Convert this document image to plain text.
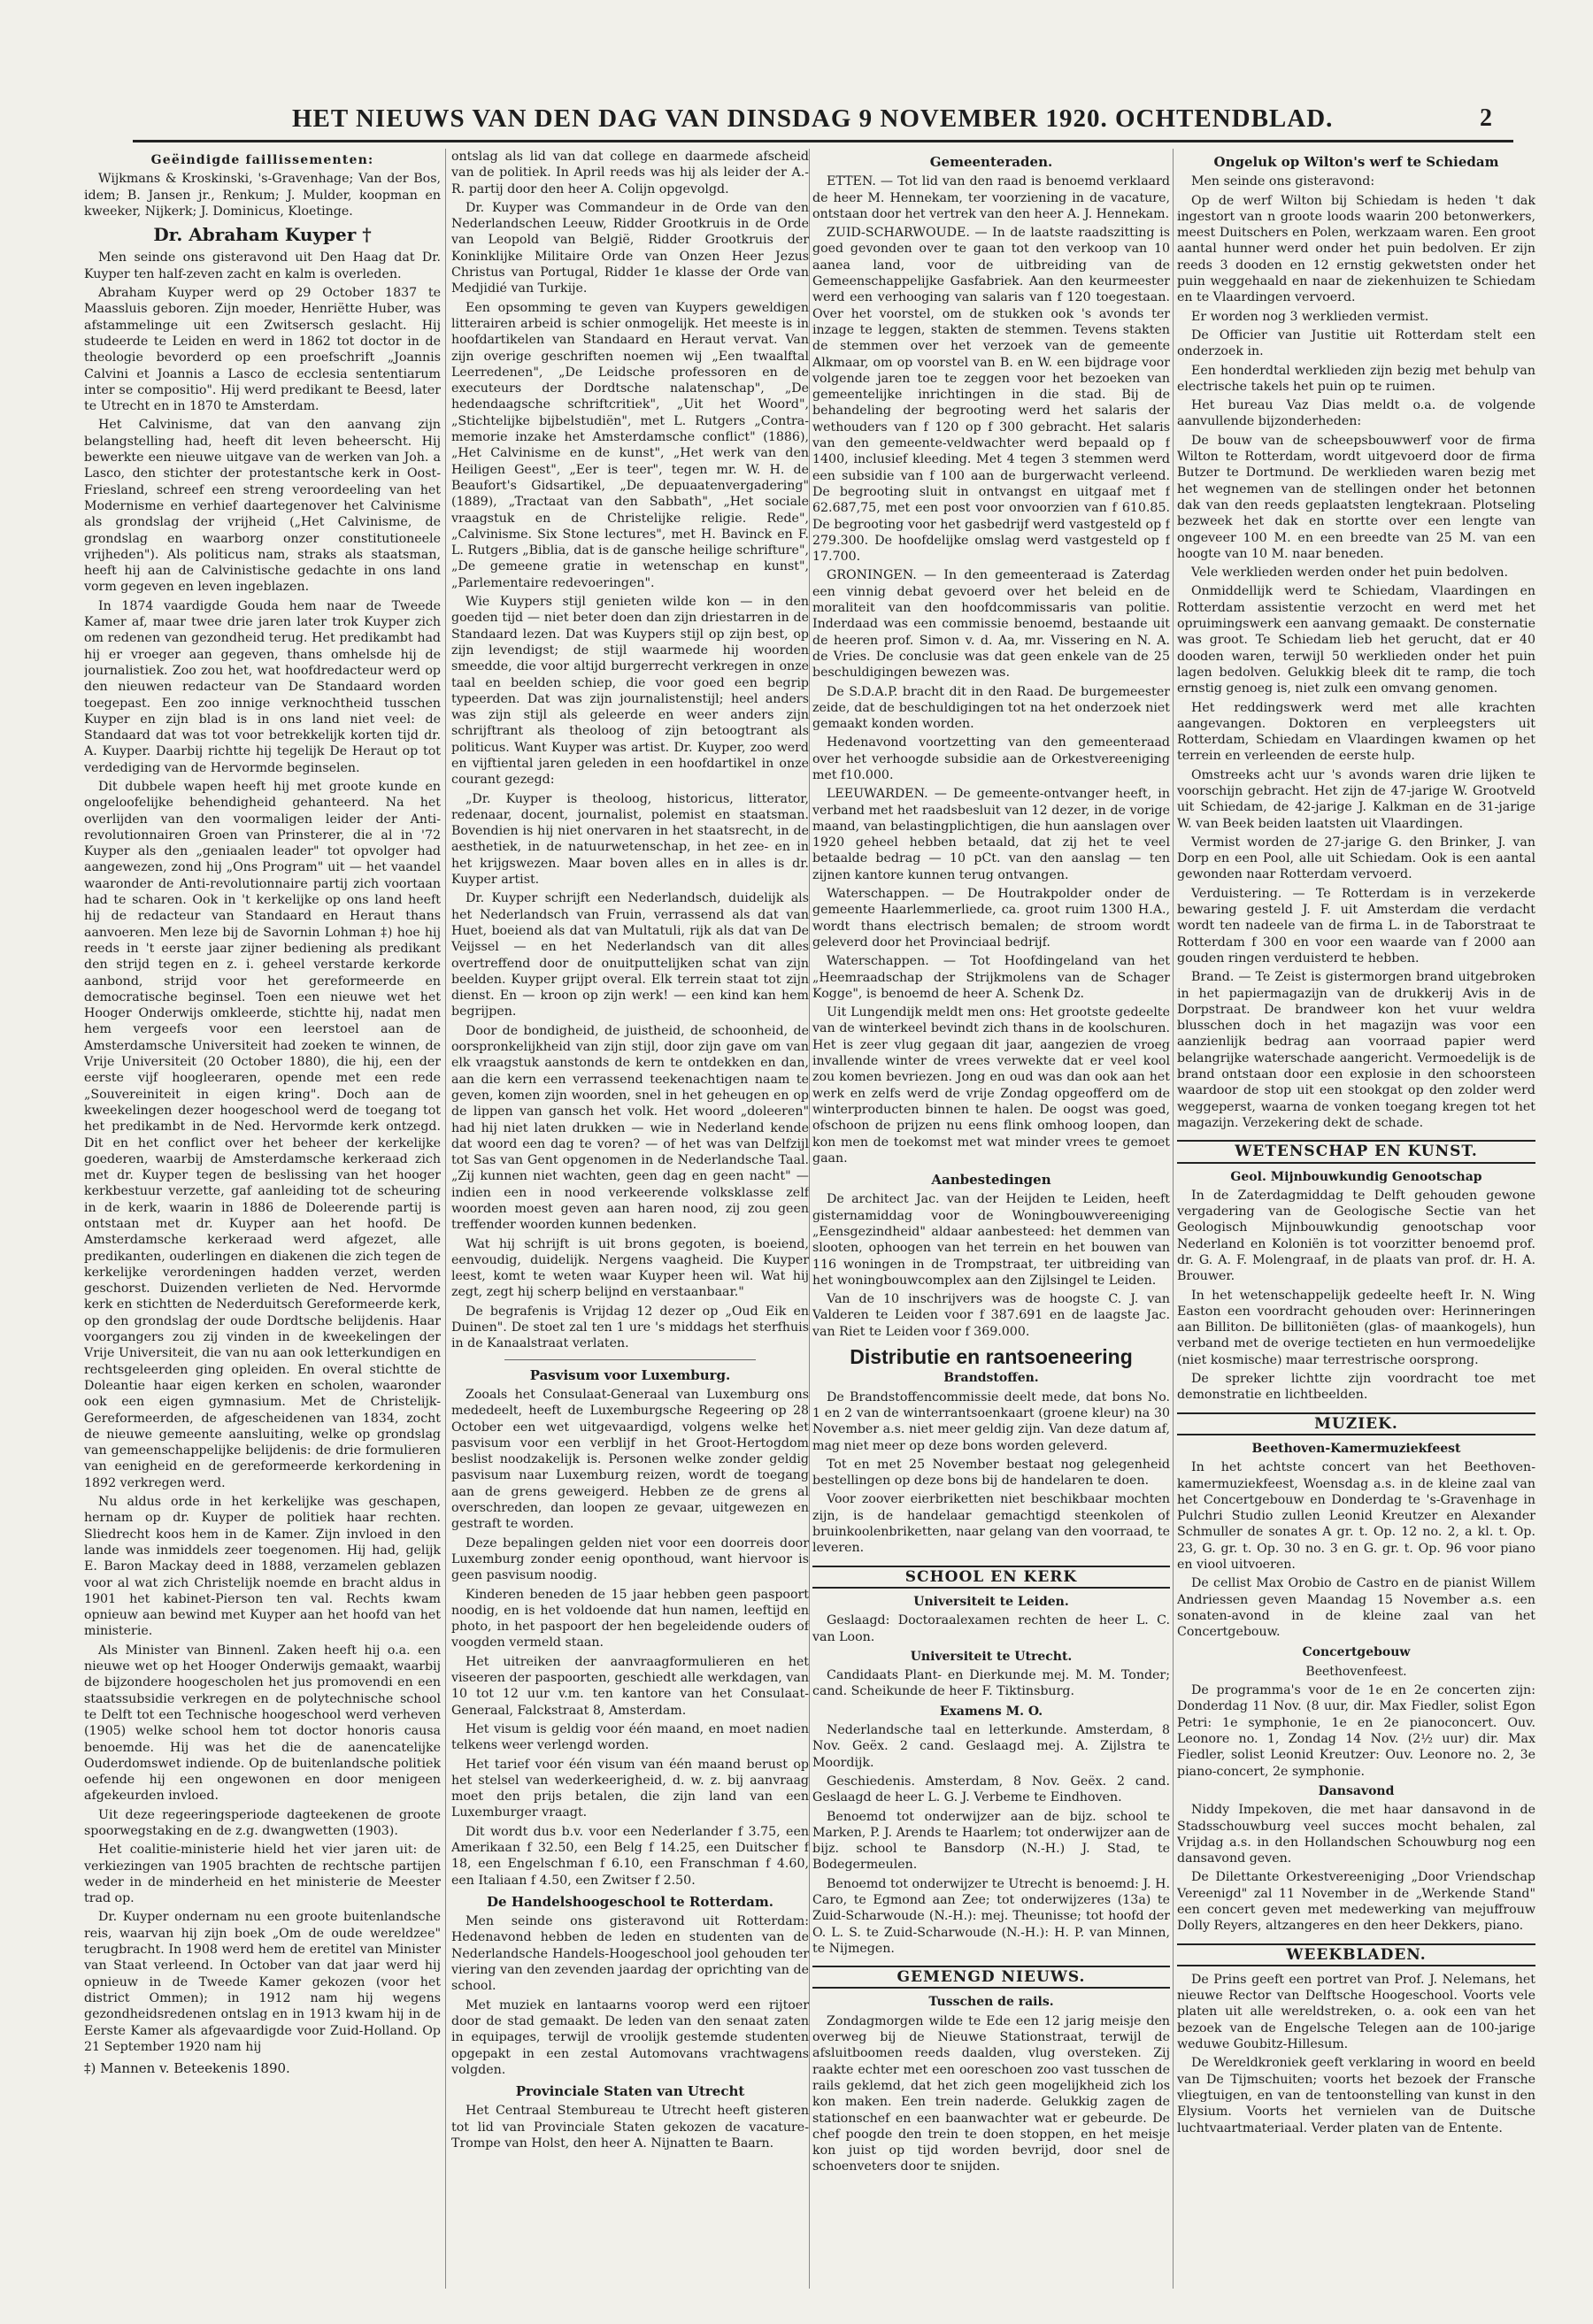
HET NIEUWS VAN DEN DAG VAN DINSDAG 9 NOVEMBER 1920. OCHTENDBLAD.	2
Geëindigde faillissementen:

Wijkmans & Kroskinski, 's-Gravenhage; Van der Bos, idem; B. Jansen jr., Renkum; J. Mulder, koopman en kweeker, Nijkerk; J. Dominicus, Kloetinge.

Dr. Abraham Kuyper †

Men seinde ons gisteravond uit Den Haag dat Dr. Kuyper ten half-zeven zacht en kalm is overleden.

Abraham Kuyper werd op 29 October 1837 te Maassluis geboren. Zijn moeder, Henriëtte Huber, was afstammelinge uit een Zwitsersch geslacht. Hij studeerde te Leiden en werd in 1862 tot doctor in de theologie bevorderd op een proefschrift „Joannis Calvini et Joannis a Lasco de ecclesia sententiarum inter se compositio". Hij werd predikant te Beesd, later te Utrecht en in 1870 te Amsterdam.

Het Calvinisme, dat van den aanvang zijn belangstelling had, heeft dit leven beheerscht. Hij bewerkte een nieuwe uitgave van de werken van Joh. a Lasco, den stichter der protestantsche kerk in Oost-Friesland, schreef een streng veroordeeling van het Modernisme en verhief daartegenover het Calvinisme als grondslag der vrijheid („Het Calvinisme, de grondslag en waarborg onzer constitutioneele vrijheden"). Als politicus nam, straks als staatsman, heeft hij aan de Calvinistische gedachte in ons land vorm gegeven en leven ingeblazen.

In 1874 vaardigde Gouda hem naar de Tweede Kamer af, maar twee drie jaren later trok Kuyper zich om redenen van gezondheid terug. Het predikambt had hij er vroeger aan gegeven, thans omhelsde hij de journalistiek. Zoo zou het, wat hoofdredacteur werd op den nieuwen redacteur van De Standaard worden toegepast. Een zoo innige verknochtheid tusschen Kuyper en zijn blad is in ons land niet veel: de Standaard dat was tot voor betrekkelijk korten tijd dr. A. Kuyper. Daarbij richtte hij tegelijk De Heraut op tot verdediging van de Hervormde beginselen.

Dit dubbele wapen heeft hij met groote kunde en ongeloofelijke behendigheid gehanteerd. Na het overlijden van den voormaligen leider der Anti-revolutionnairen Groen van Prinsterer, die al in '72 Kuyper als den „geniaalen leader" tot opvolger had aangewezen, zond hij „Ons Program" uit — het vaandel waaronder de Anti-revolutionnaire partij zich voortaan had te scharen. Ook in 't kerkelijke op ons land heeft hij de redacteur van Standaard en Heraut thans aanvoeren. Men leze bij de Savornin Lohman ‡) hoe hij reeds in 't eerste jaar zijner bediening als predikant den strijd tegen en z. i. geheel verstarde kerkorde aanbond, strijd voor het gereformeerde en democratische beginsel. Toen een nieuwe wet het Hooger Onderwijs omkleerde, stichtte hij, nadat men hem vergeefs voor een leerstoel aan de Amsterdamsche Universiteit had zoeken te winnen, de Vrije Universiteit (20 October 1880), die hij, een der eerste vijf hoogleeraren, opende met een rede „Souvereiniteit in eigen kring". Doch aan de kweekelingen dezer hoogeschool werd de toegang tot het predikambt in de Ned. Hervormde kerk ontzegd. Dit en het conflict over het beheer der kerkelijke goederen, waarbij de Amsterdamsche kerkeraad zich met dr. Kuyper tegen de beslissing van het hooger kerkbestuur verzette, gaf aanleiding tot de scheuring in de kerk, waarin in 1886 de Doleerende partij is ontstaan met dr. Kuyper aan het hoofd. De Amsterdamsche kerkeraad werd afgezet, alle predikanten, ouderlingen en diakenen die zich tegen de kerkelijke verordeningen hadden verzet, werden geschorst. Duizenden verlieten de Ned. Hervormde kerk en stichtten de Nederduitsch Gereformeerde kerk, op den grondslag der oude Dordtsche belijdenis. Haar voorgangers zou zij vinden in de kweekelingen der Vrije Universiteit, die van nu aan ook letterkundigen en rechtsgeleerden ging opleiden. En overal stichtte de Doleantie haar eigen kerken en scholen, waaronder ook een eigen gymnasium. Met de Christelijk-Gereformeerden, de afgescheidenen van 1834, zocht de nieuwe gemeente aansluiting, welke op grondslag van gemeenschappelijke belijdenis: de drie formulieren van eenigheid en de gereformeerde kerkordening in 1892 verkregen werd.

Nu aldus orde in het kerkelijke was geschapen, hernam op dr. Kuyper de politiek haar rechten. Sliedrecht koos hem in de Kamer. Zijn invloed in den lande was inmiddels zeer toegenomen. Hij had, gelijk E. Baron Mackay deed in 1888, verzamelen geblazen voor al wat zich Christelijk noemde en bracht aldus in 1901 het kabinet-Pierson ten val. Rechts kwam opnieuw aan bewind met Kuyper aan het hoofd van het ministerie.

Als Minister van Binnenl. Zaken heeft hij o.a. een nieuwe wet op het Hooger Onderwijs gemaakt, waarbij de bijzondere hoogescholen het jus promovendi en een staatssubsidie verkregen en de polytechnische school te Delft tot een Technische hoogeschool werd verheven (1905) welke school hem tot doctor honoris causa benoemde. Hij was het die de aanencatelijke Ouderdomswet indiende. Op de buitenlandsche politiek oefende hij een ongewonen en door menigeen afgekeurden invloed.

Uit deze regeeringsperiode dagteekenen de groote spoorwegstaking en de z.g. dwangwetten (1903).

Het coalitie-ministerie hield het vier jaren uit: de verkiezingen van 1905 brachten de rechtsche partijen weder in de minderheid en het ministerie de Meester trad op.

Dr. Kuyper ondernam nu een groote buitenlandsche reis, waarvan hij zijn boek „Om de oude wereldzee" terugbracht. In 1908 werd hem de eretitel van Minister van Staat verleend. In October van dat jaar werd hij opnieuw in de Tweede Kamer gekozen (voor het district Ommen); in 1912 nam hij wegens gezondheidsredenen ontslag en in 1913 kwam hij in de Eerste Kamer als afgevaardigde voor Zuid-Holland. Op 21 September 1920 nam hij

‡) Mannen v. Beteekenis 1890.

ontslag als lid van dat college en daarmede afscheid van de politiek. In April reeds was hij als leider der A.-R. partij door den heer A. Colijn opgevolgd.

Dr. Kuyper was Commandeur in de Orde van den Nederlandschen Leeuw, Ridder Grootkruis in de Orde van Leopold van België, Ridder Grootkruis der Koninklijke Militaire Orde van Onzen Heer Jezus Christus van Portugal, Ridder 1e klasse der Orde van Medjidié van Turkije.

Een opsomming te geven van Kuypers geweldigen litterairen arbeid is schier onmogelijk. Het meeste is in hoofdartikelen van Standaard en Heraut vervat. Van zijn overige geschriften noemen wij „Een twaalftal Leerredenen", „De Leidsche professoren en de executeurs der Dordtsche nalatenschap", „De hedendaagsche schriftcritiek", „Uit het Woord", „Stichtelijke bijbelstudiën", met L. Rutgers „Contra-memorie inzake het Amsterdamsche conflict" (1886), „Het Calvinisme en de kunst", „Het werk van den Heiligen Geest", „Eer is teer", tegen mr. W. H. de Beaufort's Gidsartikel, „De depuaatenvergadering" (1889), „Tractaat van den Sabbath", „Het sociale vraagstuk en de Christelijke religie. Rede", „Calvinisme. Six Stone lectures", met H. Bavinck en F. L. Rutgers „Biblia, dat is de gansche heilige schrifture", „De gemeene gratie in wetenschap en kunst", „Parlementaire redevoeringen".

Wie Kuypers stijl genieten wilde kon — in den goeden tijd — niet beter doen dan zijn driestarren in de Standaard lezen. Dat was Kuypers stijl op zijn best, op zijn levendigst; de stijl waarmede hij woorden smeedde, die voor altijd burgerrecht verkregen in onze taal en beelden schiep, die voor goed een begrip typeerden. Dat was zijn journalistenstijl; heel anders was zijn stijl als geleerde en weer anders zijn schrijftrant als theoloog of zijn betoogtrant als politicus. Want Kuyper was artist. Dr. Kuyper, zoo werd en vijftiental jaren geleden in een hoofdartikel in onze courant gezegd:

„Dr. Kuyper is theoloog, historicus, litterator, redenaar, docent, journalist, polemist en staatsman. Bovendien is hij niet onervaren in het staatsrecht, in de aesthetiek, in de natuurwetenschap, in het zee- en in het krijgswezen. Maar boven alles en in alles is dr. Kuyper artist.

Dr. Kuyper schrijft een Nederlandsch, duidelijk als het Nederlandsch van Fruin, verrassend als dat van Huet, boeiend als dat van Multatuli, rijk als dat van De Veijssel — en het Nederlandsch van dit alles overtreffend door de onuitputtelijken schat van zijn beelden. Kuyper grijpt overal. Elk terrein staat tot zijn dienst. En — kroon op zijn werk! — een kind kan hem begrijpen.

Door de bondigheid, de juistheid, de schoonheid, de oorspronkelijkheid van zijn stijl, door zijn gave om van elk vraagstuk aanstonds de kern te ontdekken en dan, aan die kern een verrassend teekenachtigen naam te geven, komen zijn woorden, snel in het geheugen en op de lippen van gansch het volk. Het woord „doleeren" had hij niet laten drukken — wie in Nederland kende dat woord een dag te voren? — of het was van Delfzijl tot Sas van Gent opgenomen in de Nederlandsche Taal. „Zij kunnen niet wachten, geen dag en geen nacht" — indien een in nood verkeerende volksklasse zelf woorden moest geven aan haren nood, zij zou geen treffender woorden kunnen bedenken.

Wat hij schrijft is uit brons gegoten, is boeiend, eenvoudig, duidelijk. Nergens vaagheid. Die Kuyper leest, komt te weten waar Kuyper heen wil. Wat hij zegt, zegt hij scherp belijnd en verstaanbaar."

De begrafenis is Vrijdag 12 dezer op „Oud Eik en Duinen". De stoet zal ten 1 ure 's middags het sterfhuis in de Kanaalstraat verlaten.

Pasvisum voor Luxemburg.

Zooals het Consulaat-Generaal van Luxemburg ons mededeelt, heeft de Luxemburgsche Regeering op 28 October een wet uitgevaardigd, volgens welke het pasvisum voor een verblijf in het Groot-Hertogdom beslist noodzakelijk is. Personen welke zonder geldig pasvisum naar Luxemburg reizen, wordt de toegang aan de grens geweigerd. Hebben ze de grens al overschreden, dan loopen ze gevaar, uitgewezen en gestraft te worden.

Deze bepalingen gelden niet voor een doorreis door Luxemburg zonder eenig oponthoud, want hiervoor is geen pasvisum noodig.

Kinderen beneden de 15 jaar hebben geen paspoort noodig, en is het voldoende dat hun namen, leeftijd en photo, in het paspoort der hen begeleidende ouders of voogden vermeld staan.

Het uitreiken der aanvraagformulieren en het viseeren der paspoorten, geschiedt alle werkdagen, van 10 tot 12 uur v.m. ten kantore van het Consulaat-Generaal, Falckstraat 8, Amsterdam.

Het visum is geldig voor één maand, en moet nadien telkens weer verlengd worden.

Het tarief voor één visum van één maand berust op het stelsel van wederkeerigheid, d. w. z. bij aanvraag moet den prijs betalen, die zijn land van een Luxemburger vraagt.

Dit wordt dus b.v. voor een Nederlander f 3.75, een Amerikaan f 32.50, een Belg f 14.25, een Duitscher f 18, een Engelschman f 6.10, een Franschman f 4.60, een Italiaan f 4.50, een Zwitser f 2.50.

De Handelshoogeschool te Rotterdam.

Men seinde ons gisteravond uit Rotterdam: Hedenavond hebben de leden en studenten van de Nederlandsche Handels-Hoogeschool jool gehouden ter viering van den zevenden jaardag der oprichting van de school.

Met muziek en lantaarns voorop werd een rijtoer door de stad gemaakt. De leden van den senaat zaten in equipages, terwijl de vroolijk gestemde studenten opgepakt in een zestal Automovans vrachtwagens volgden.

Provinciale Staten van Utrecht

Het Centraal Stembureau te Utrecht heeft gisteren tot lid van Provinciale Staten gekozen de vacature-Trompe van Holst, den heer A. Nijnatten te Baarn.

Gemeenteraden.

ETTEN. — Tot lid van den raad is benoemd verklaard de heer M. Hennekam, ter voorziening in de vacature, ontstaan door het vertrek van den heer A. J. Hennekam.

ZUID-SCHARWOUDE. — In de laatste raadszitting is goed gevonden over te gaan tot den verkoop van 10 aanea land, voor de uitbreiding van de Gemeenschappelijke Gasfabriek. Aan den keurmeester werd een verhooging van salaris van f 120 toegestaan. Over het voorstel, om de stukken ook 's avonds ter inzage te leggen, stakten de stemmen. Tevens stakten de stemmen over het verzoek van de gemeente Alkmaar, om op voorstel van B. en W. een bijdrage voor volgende jaren toe te zeggen voor het bezoeken van gemeentelijke inrichtingen in die stad. Bij de behandeling der begrooting werd het salaris der wethouders van f 120 op f 300 gebracht. Het salaris van den gemeente-veldwachter werd bepaald op f 1400, inclusief kleeding. Met 4 tegen 3 stemmen werd een subsidie van f 100 aan de burgerwacht verleend. De begrooting sluit in ontvangst en uitgaaf met f 62.687,75, met een post voor onvoorzien van f 610.85. De begrooting voor het gasbedrijf werd vastgesteld op f 279.300. De hoofdelijke omslag werd vastgesteld op f 17.700.

GRONINGEN. — In den gemeenteraad is Zaterdag een vinnig debat gevoerd over het beleid en de moraliteit van den hoofdcommissaris van politie. Inderdaad was een commissie benoemd, bestaande uit de heeren prof. Simon v. d. Aa, mr. Vissering en N. A. de Vries. De conclusie was dat geen enkele van de 25 beschuldigingen bewezen was.

De S.D.A.P. bracht dit in den Raad. De burgemeester zeide, dat de beschuldigingen tot na het onderzoek niet gemaakt konden worden.

Hedenavond voortzetting van den gemeenteraad over het verhoogde subsidie aan de Orkestvereeniging met f10.000.

LEEUWARDEN. — De gemeente-ontvanger heeft, in verband met het raadsbesluit van 12 dezer, in de vorige maand, van belastingplichtigen, die hun aanslagen over 1920 geheel hebben betaald, dat zij het te veel betaalde bedrag — 10 pCt. van den aanslag — ten zijnen kantore kunnen terug ontvangen.

Waterschappen. — De Houtrakpolder onder de gemeente Haarlemmerliede, ca. groot ruim 1300 H.A., wordt thans electrisch bemalen; de stroom wordt geleverd door het Provinciaal bedrijf.

Waterschappen. — Tot Hoofdingeland van het „Heemraadschap der Strijkmolens van de Schager Kogge", is benoemd de heer A. Schenk Dz.

Uit Lungendijk meldt men ons: Het grootste gedeelte van de winterkeel bevindt zich thans in de koolschuren. Het is zeer vlug gegaan dit jaar, aangezien de vroeg invallende winter de vrees verwekte dat er veel kool zou komen bevriezen. Jong en oud was dan ook aan het werk en zelfs werd de vrije Zondag opgeofferd om de winterproducten binnen te halen. De oogst was goed, ofschoon de prijzen nu eens flink omhoog loopen, dan kon men de toekomst met wat minder vrees te gemoet gaan.

Aanbestedingen

De architect Jac. van der Heijden te Leiden, heeft gisternamiddag voor de Woningbouwvereeniging „Eensgezindheid" aldaar aanbesteed: het demmen van slooten, ophoogen van het terrein en het bouwen van 116 woningen in de Trompstraat, ter uitbreiding van het woningbouwcomplex aan den Zijlsingel te Leiden.

Van de 10 inschrijvers was de hoogste C. J. van Valderen te Leiden voor f 387.691 en de laagste Jac. van Riet te Leiden voor f 369.000.

Distributie en rantsoeneering
Brandstoffen.

De Brandstoffencommissie deelt mede, dat bons No. 1 en 2 van de winterrantsoenkaart (groene kleur) na 30 November a.s. niet meer geldig zijn. Van deze datum af, mag niet meer op deze bons worden geleverd.

Tot en met 25 November bestaat nog gelegenheid bestellingen op deze bons bij de handelaren te doen.

Voor zoover eierbriketten niet beschikbaar mochten zijn, is de handelaar gemachtigd steenkolen of bruinkoolenbriketten, naar gelang van den voorraad, te leveren.

SCHOOL EN KERK
Universiteit te Leiden.

Geslaagd: Doctoraalexamen rechten de heer L. C. van Loon.

Universiteit te Utrecht.

Candidaats Plant- en Dierkunde mej. M. M. Tonder; cand. Scheikunde de heer F. Tiktinsburg.

Examens M. O.

Nederlandsche taal en letterkunde. Amsterdam, 8 Nov. Geëx. 2 cand. Geslaagd mej. A. Zijlstra te Moordijk.

Geschiedenis. Amsterdam, 8 Nov. Geëx. 2 cand. Geslaagd de heer L. G. J. Verbeme te Eindhoven.

Benoemd tot onderwijzer aan de bijz. school te Marken, P. J. Arends te Haarlem; tot onderwijzer aan de bijz. school te Bansdorp (N.-H.) J. Stad, te Bodegermeulen.

Benoemd tot onderwijzer te Utrecht is benoemd: J. H. Caro, te Egmond aan Zee; tot onderwijzeres (13a) te Zuid-Scharwoude (N.-H.): mej. Theunisse; tot hoofd der O. L. S. te Zuid-Scharwoude (N.-H.): H. P. van Minnen, te Nijmegen.

GEMENGD NIEUWS.
Tusschen de rails.

Zondagmorgen wilde te Ede een 12 jarig meisje den overweg bij de Nieuwe Stationstraat, terwijl de afsluitboomen reeds daalden, vlug oversteken. Zij raakte echter met een ooreschoen zoo vast tusschen de rails geklemd, dat het zich geen mogelijkheid zich los kon maken. Een trein naderde. Gelukkig zagen de stationschef en een baanwachter wat er gebeurde. De chef poogde den trein te doen stoppen, en het meisje kon juist op tijd worden bevrijd, door snel de schoenveters door te snijden.

Ongeluk op Wilton's werf te Schiedam

Men seinde ons gisteravond:

Op de werf Wilton bij Schiedam is heden 't dak ingestort van n groote loods waarin 200 betonwerkers, meest Duitschers en Polen, werkzaam waren. Een groot aantal hunner werd onder het puin bedolven. Er zijn reeds 3 dooden en 12 ernstig gekwetsten onder het puin weggehaald en naar de ziekenhuizen te Schiedam en te Vlaardingen vervoerd.

Er worden nog 3 werklieden vermist.

De Officier van Justitie uit Rotterdam stelt een onderzoek in.

Een honderdtal werklieden zijn bezig met behulp van electrische takels het puin op te ruimen.

Het bureau Vaz Dias meldt o.a. de volgende aanvullende bijzonderheden:

De bouw van de scheepsbouwwerf voor de firma Wilton te Rotterdam, wordt uitgevoerd door de firma Butzer te Dortmund. De werklieden waren bezig met het wegnemen van de stellingen onder het betonnen dak van den reeds geplaatsten lengtekraan. Plotseling bezweek het dak en stortte over een lengte van ongeveer 100 M. en een breedte van 25 M. van een hoogte van 10 M. naar beneden.

Vele werklieden werden onder het puin bedolven.

Onmiddellijk werd te Schiedam, Vlaardingen en Rotterdam assistentie verzocht en werd met het opruimingswerk een aanvang gemaakt. De consternatie was groot. Te Schiedam lieb het gerucht, dat er 40 dooden waren, terwijl 50 werklieden onder het puin lagen bedolven. Gelukkig bleek dit te ramp, die toch ernstig genoeg is, niet zulk een omvang genomen.

Het reddingswerk werd met alle krachten aangevangen. Doktoren en verpleegsters uit Rotterdam, Schiedam en Vlaardingen kwamen op het terrein en verleenden de eerste hulp.

Omstreeks acht uur 's avonds waren drie lijken te voorschijn gebracht. Het zijn de 47-jarige W. Grootveld uit Schiedam, de 42-jarige J. Kalkman en de 31-jarige W. van Beek beiden laatsten uit Vlaardingen.

Vermist worden de 27-jarige G. den Brinker, J. van Dorp en een Pool, alle uit Schiedam. Ook is een aantal gewonden naar Rotterdam vervoerd.

Verduistering. — Te Rotterdam is in verzekerde bewaring gesteld J. F. uit Amsterdam die verdacht wordt ten nadeele van de firma L. in de Taborstraat te Rotterdam f 300 en voor een waarde van f 2000 aan gouden ringen verduisterd te hebben.

Brand. — Te Zeist is gistermorgen brand uitgebroken in het papiermagazijn van de drukkerij Avis in de Dorpstraat. De brandweer kon het vuur weldra blusschen doch in het magazijn was voor een aanzienlijk bedrag aan voorraad papier werd belangrijke waterschade aangericht. Vermoedelijk is de brand ontstaan door een explosie in den schoorsteen waardoor de stop uit een stookgat op den zolder werd weggeperst, waarna de vonken toegang kregen tot het magazijn. Verzekering dekt de schade.

WETENSCHAP EN KUNST.
Geol. Mijnbouwkundig Genootschap

In de Zaterdagmiddag te Delft gehouden gewone vergadering van de Geologische Sectie van het Geologisch Mijnbouwkundig genootschap voor Nederland en Koloniën is tot voorzitter benoemd prof. dr. G. A. F. Molengraaf, in de plaats van prof. dr. H. A. Brouwer.

In het wetenschappelijk gedeelte heeft Ir. N. Wing Easton een voordracht gehouden over: Herinneringen aan Billiton. De billitoniëten (glas- of maankogels), hun verband met de overige tectieten en hun vermoedelijke (niet kosmische) maar terrestrische oorsprong.

De spreker lichtte zijn voordracht toe met demonstratie en lichtbeelden.

MUZIEK.
Beethoven-Kamermuziekfeest

In het achtste concert van het Beethoven-kamermuziekfeest, Woensdag a.s. in de kleine zaal van het Concertgebouw en Donderdag te 's-Gravenhage in Pulchri Studio zullen Leonid Kreutzer en Alexander Schmuller de sonates A gr. t. Op. 12 no. 2, a kl. t. Op. 23, G. gr. t. Op. 30 no. 3 en G. gr. t. Op. 96 voor piano en viool uitvoeren.

De cellist Max Orobio de Castro en de pianist Willem Andriessen geven Maandag 15 November a.s. een sonaten-avond in de kleine zaal van het Concertgebouw.

Concertgebouw
Beethovenfeest.

De programma's voor de 1e en 2e concerten zijn: Donderdag 11 Nov. (8 uur, dir. Max Fiedler, solist Egon Petri: 1e symphonie, 1e en 2e pianoconcert. Ouv. Leonore no. 1, Zondag 14 Nov. (2½ uur) dir. Max Fiedler, solist Leonid Kreutzer: Ouv. Leonore no. 2, 3e piano-concert, 2e symphonie.

Dansavond

Niddy Impekoven, die met haar dansavond in de Stadsschouwburg veel succes mocht behalen, zal Vrijdag a.s. in den Hollandschen Schouwburg nog een dansavond geven.

De Dilettante Orkestvereeniging „Door Vriendschap Vereenigd" zal 11 November in de „Werkende Stand" een concert geven met medewerking van mejuffrouw Dolly Reyers, altzangeres en den heer Dekkers, piano.

WEEKBLADEN.

De Prins geeft een portret van Prof. J. Nelemans, het nieuwe Rector van Delftsche Hoogeschool. Voorts vele platen uit alle wereldstreken, o. a. ook een van het bezoek van de Engelsche Telegen aan de 100-jarige weduwe Goubitz-Hillesum.

De Wereldkroniek geeft verklaring in woord en beeld van De Tijmschuiten; voorts het bezoek der Fransche vliegtuigen, en van de tentoonstelling van kunst in den Elysium. Voorts het vernielen van de Duitsche luchtvaartmateriaal. Verder platen van de Entente.
